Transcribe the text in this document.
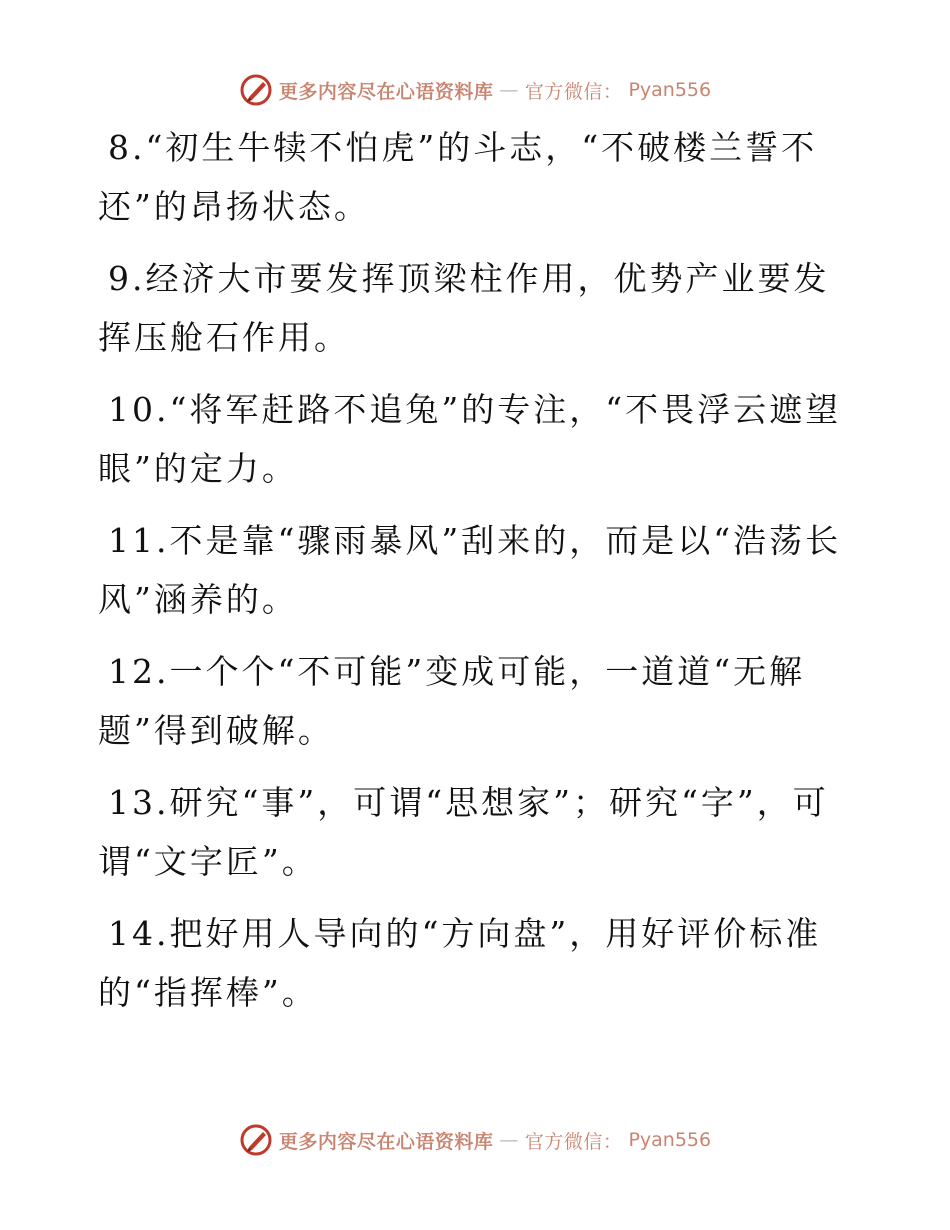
更多内容尽在心语资料库 — 官方微信： Pyan556

8.“初生牛犊不怕虎”的斗志，“不破楼兰誓不还”的昂扬状态。

9.经济大市要发挥顶梁柱作用，优势产业要发挥压舱石作用。

10.“将军赶路不追兔”的专注，“不畏浮云遮望眼”的定力。

11.不是靠“骤雨暴风”刮来的，而是以“浩荡长风”涵养的。

12.一个个“不可能”变成可能，一道道“无解题”得到破解。

13.研究“事”，可谓“思想家”；研究“字”，可谓“文字匠”。

14.把好用人导向的“方向盘”，用好评价标准的“指挥棒”。

更多内容尽在心语资料库 — 官方微信： Pyan556
